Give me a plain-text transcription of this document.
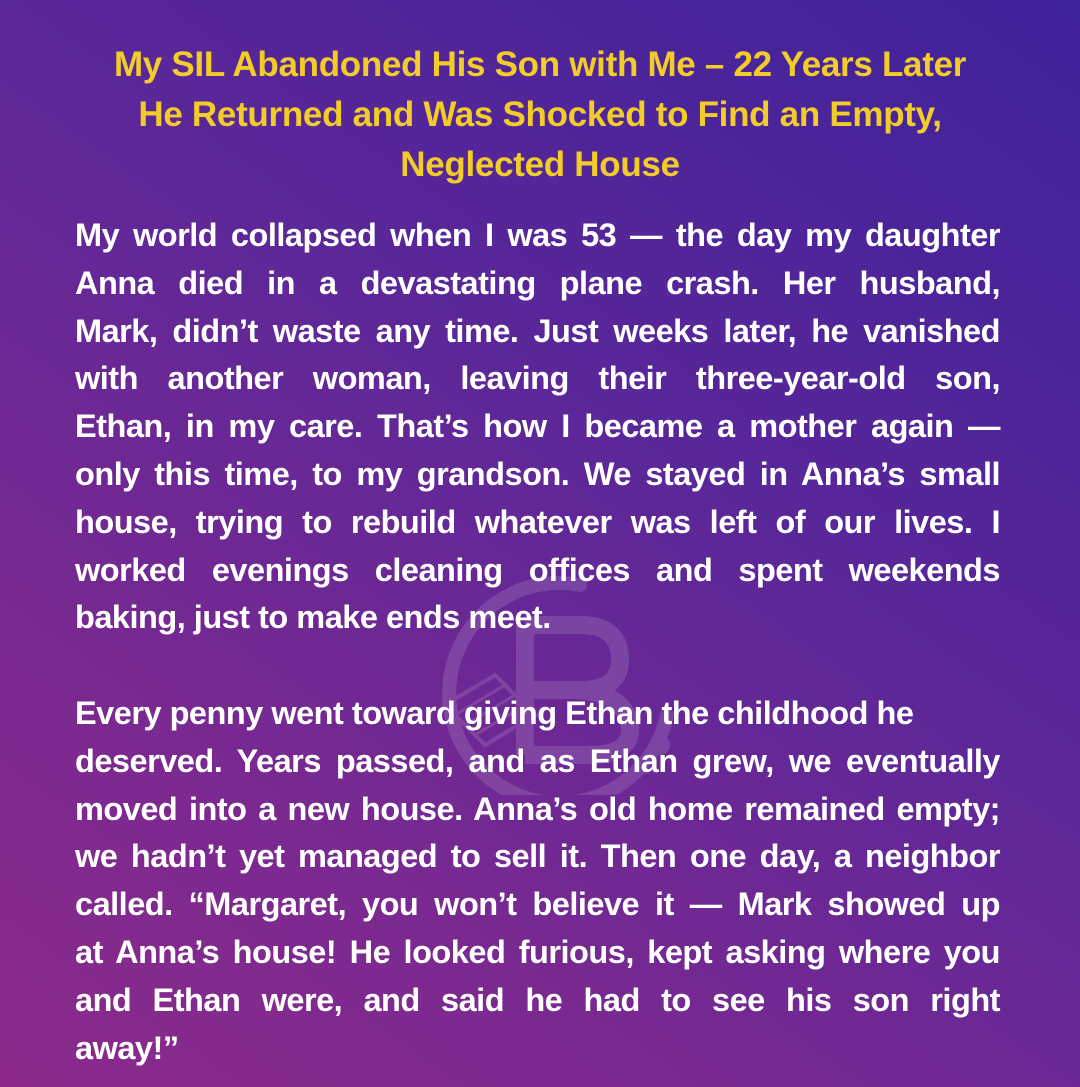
My SIL Abandoned His Son with Me – 22 Years Later
He Returned and Was Shocked to Find an Empty,
Neglected House

My world collapsed when I was 53 — the day my daughter
Anna died in a devastating plane crash. Her husband,
Mark, didn’t waste any time. Just weeks later, he vanished
with another woman, leaving their three-year-old son,
Ethan, in my care. That’s how I became a mother again —
only this time, to my grandson. We stayed in Anna’s small
house, trying to rebuild whatever was left of our lives. I
worked evenings cleaning offices and spent weekends
baking, just to make ends meet.

Every penny went toward giving Ethan the childhood he
deserved. Years passed, and as Ethan grew, we eventually
moved into a new house. Anna’s old home remained empty;
we hadn’t yet managed to sell it. Then one day, a neighbor
called. “Margaret, you won’t believe it — Mark showed up
at Anna’s house! He looked furious, kept asking where you
and Ethan were, and said he had to see his son right
away!”
